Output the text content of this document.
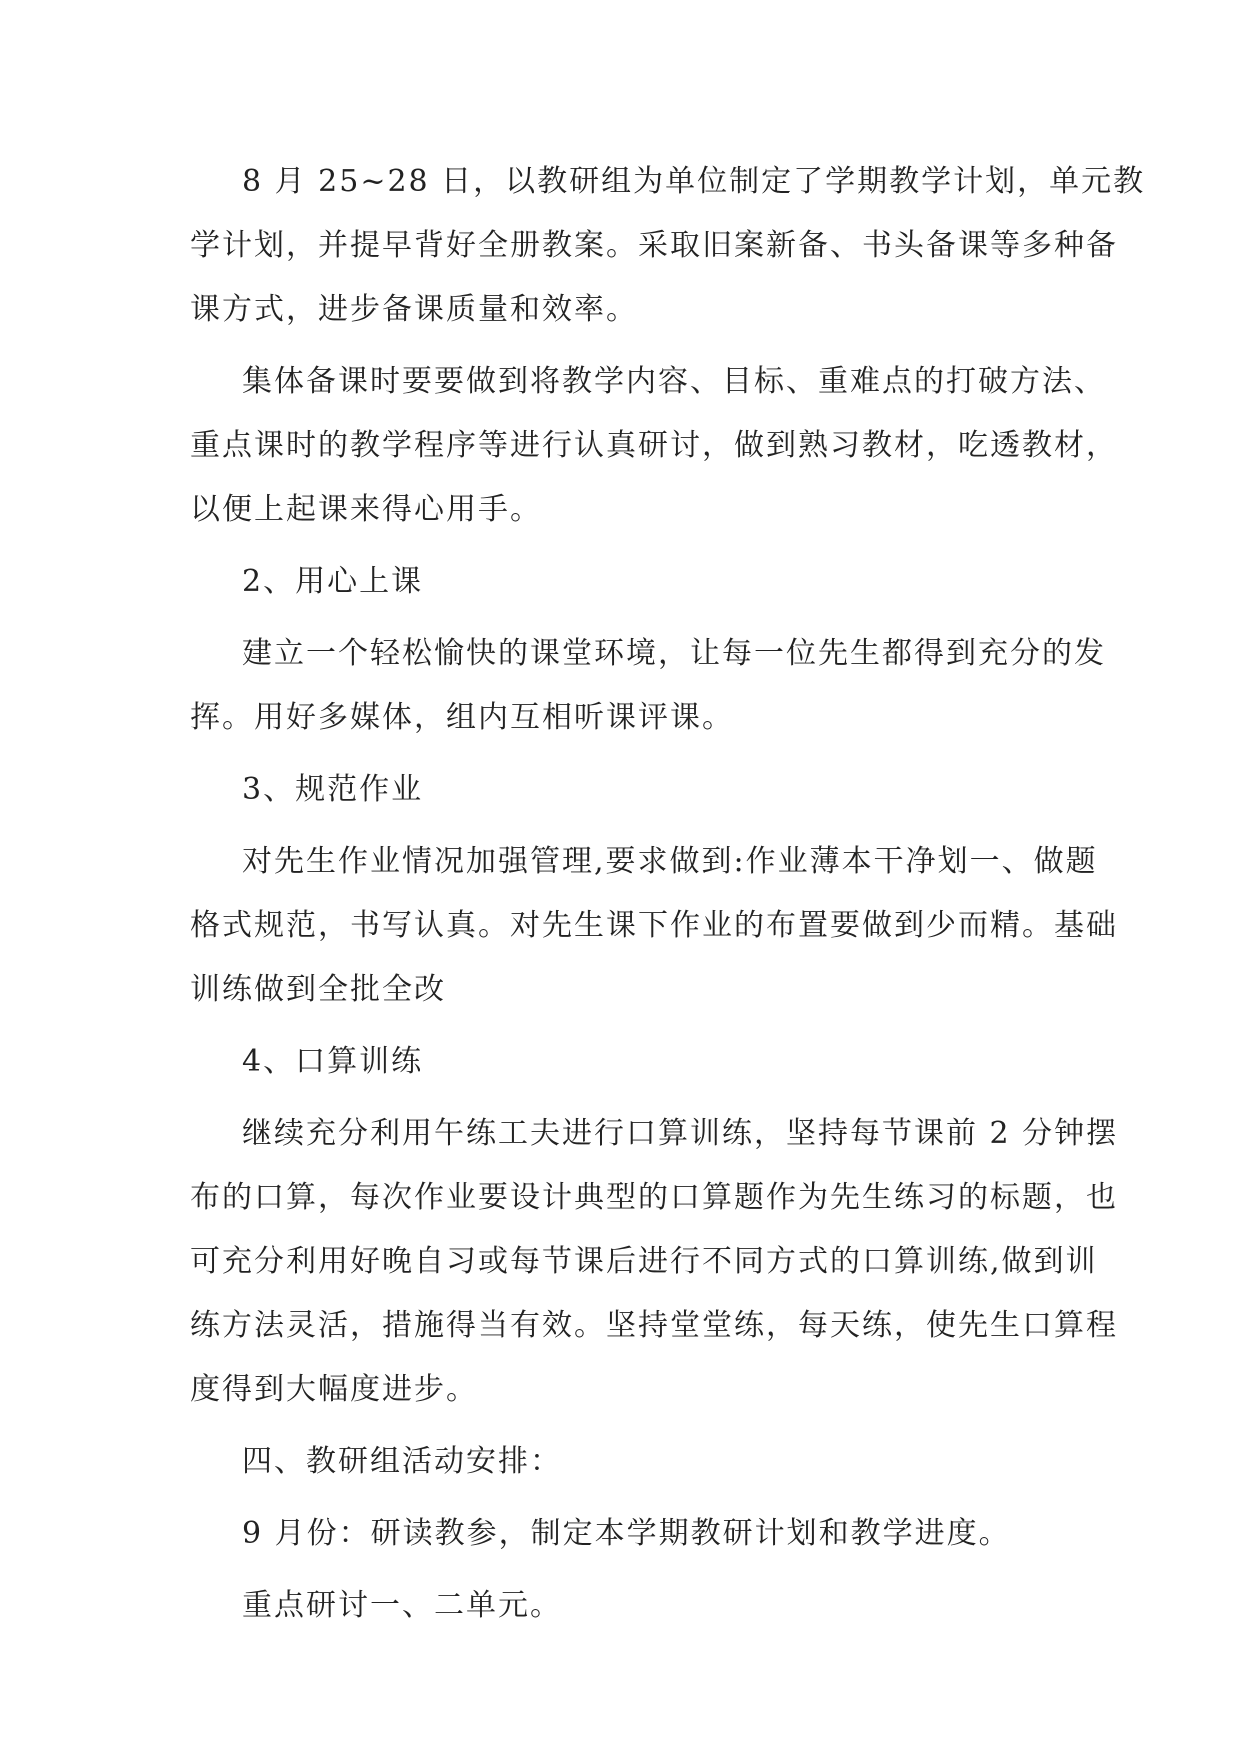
8 月 25~28 日，以教研组为单位制定了学期教学计划，单元教
学计划，并提早背好全册教案。采取旧案新备、书头备课等多种备
课方式，进步备课质量和效率。
集体备课时要要做到将教学内容、目标、重难点的打破方法、
重点课时的教学程序等进行认真研讨，做到熟习教材，吃透教材，
以便上起课来得心用手。
2、用心上课
建立一个轻松愉快的课堂环境，让每一位先生都得到充分的发
挥。用好多媒体，组内互相听课评课。
3、规范作业
对先生作业情况加强管理,要求做到:作业薄本干净划一、做题
格式规范，书写认真。对先生课下作业的布置要做到少而精。基础
训练做到全批全改
4、口算训练
继续充分利用午练工夫进行口算训练，坚持每节课前 2 分钟摆
布的口算，每次作业要设计典型的口算题作为先生练习的标题，也
可充分利用好晚自习或每节课后进行不同方式的口算训练,做到训
练方法灵活，措施得当有效。坚持堂堂练，每天练，使先生口算程
度得到大幅度进步。
四、教研组活动安排：
9 月份：研读教参，制定本学期教研计划和教学进度。
重点研讨一、二单元。
